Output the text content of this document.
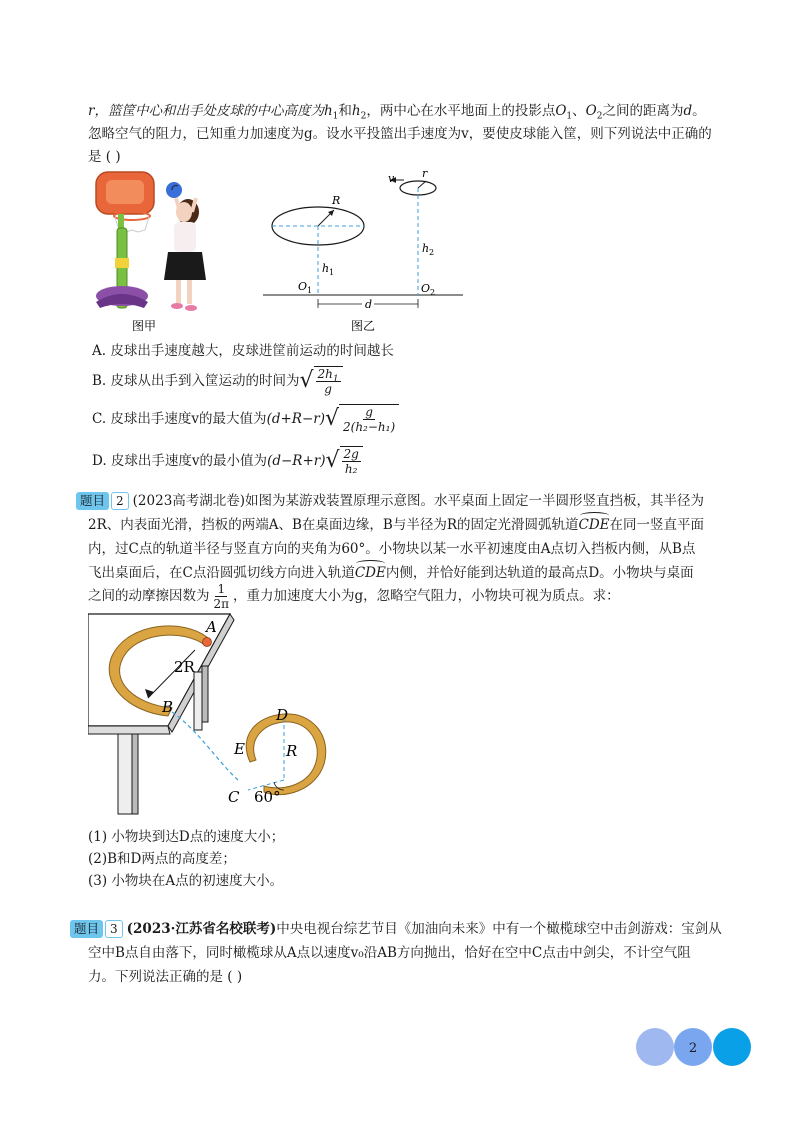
r，篮筐中心和出手处皮球的中心高度为$h_1$和$h_2$，两中心在水平地面上的投影点$O_1$、$O_2$之间的距离为d。
忽略空气的阻力，已知重力加速度为g。设水平投篮出手速度为v，要使皮球能入筐，则下列说法中正确的
是 ( )
图甲
R
r
v
h 1
h 2
O 1	O 2
d
图乙
A. 皮球出手速度越大，皮球进筐前运动的时间越长
B. 皮球从出手到入筐运动的时间为 √ $\frac{2h_1}{g}$
C. 皮球出手速度v的最大值为 (d+R−r) √ $\frac{g}{\text{2(h₂−h₁)}}$
D. 皮球出手速度v的最小值为 (d−R+r) √ $\frac{2g}{\text{h₂}}$
题目 2 (2023高考湖北卷)如图为某游戏装置原理示意图。水平桌面上固定一半圆形竖直挡板，其半径为
2R、内表面光滑，挡板的两端A、B在桌面边缘，B与半径为R的固定光滑圆弧轨道CDE在同一竖直平面
内，过C点的轨道半径与竖直方向的夹角为60°。小物块以某一水平初速度由A点切入挡板内侧，从B点
飞出桌面后，在C点沿圆弧切线方向进入轨道CDE内侧，并恰好能到达轨道的最高点D。小物块与桌面
之间的动摩擦因数为 $\frac{1}{2\pi}$ ，重力加速度大小为g，忽略空气阻力，小物块可视为质点。求：
A
2R
B	D
E	R
C 60°
(1) 小物块到达D点的速度大小；
(2)B和D两点的高度差；
(3) 小物块在A点的初速度大小。
题目 3 (2023·江苏省名校联考)中央电视台综艺节目《加油向未来》中有一个橄榄球空中击剑游戏：宝剑从
空中B点自由落下，同时橄榄球从A点以速度v₀沿AB方向抛出，恰好在空中C点击中剑尖，不计空气阻
力。下列说法正确的是 ( )
2
